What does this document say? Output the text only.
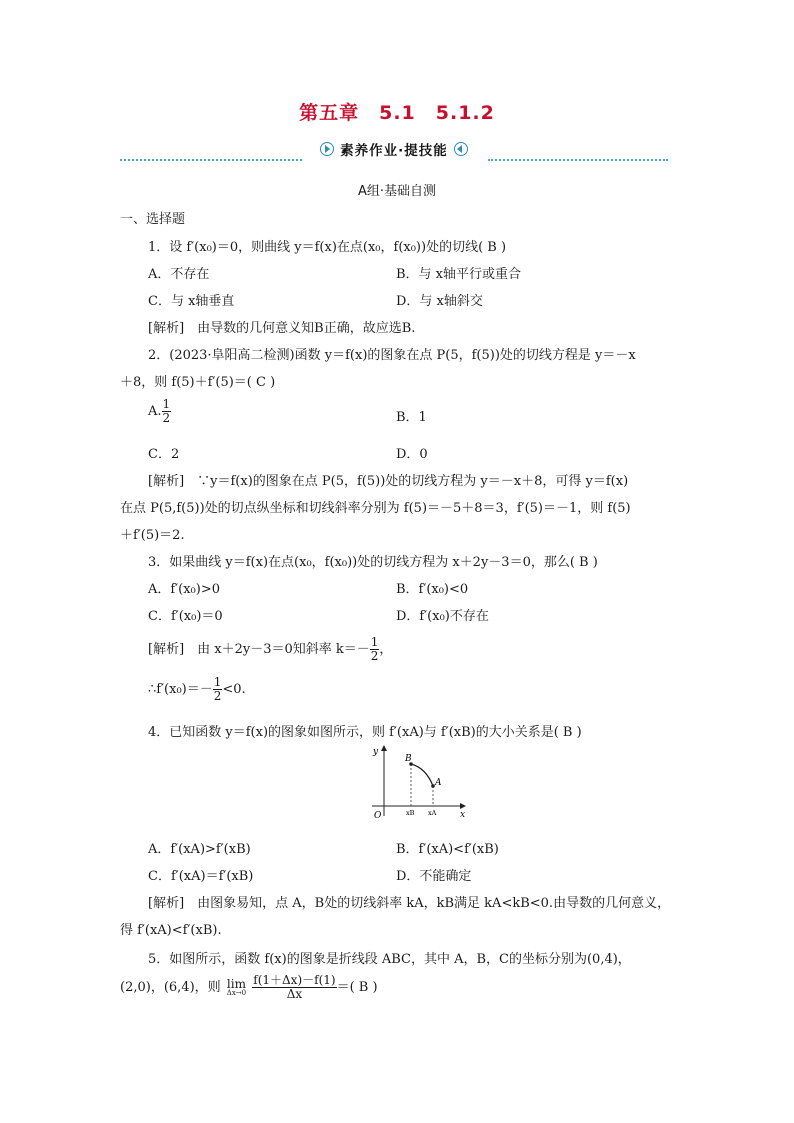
第五章　5.1　5.1.2
素养作业·提技能
A组·基础自测
一、选择题
1．设 f′(x₀)＝0，则曲线 y＝f(x)在点(x₀，f(x₀))处的切线( B )
A．不存在	B．与 x轴平行或重合
C．与 x轴垂直	D．与 x轴斜交
[解析]　由导数的几何意义知B正确，故应选B.
2．(2023·阜阳高二检测)函数 y＝f(x)的图象在点 P(5，f(5))处的切线方程是 y＝－x
＋8，则 f(5)＋f′(5)＝( C )
A. $\frac{1}{2}$	B．1
C．2	D．0
[解析]　∵y＝f(x)的图象在点 P(5，f(5))处的切线方程为 y＝－x＋8，可得 y＝f(x)
在点 P(5,f(5))处的切点纵坐标和切线斜率分别为 f(5)＝－5＋8＝3，f′(5)＝－1，则 f(5)
＋f′(5)＝2.
3．如果曲线 y＝f(x)在点(x₀，f(x₀))处的切线方程为 x＋2y－3＝0，那么( B )
A．f′(x₀)>0	B．f′(x₀)<0
C．f′(x₀)＝0	D．f′(x₀)不存在
[解析]　由 x＋2y－3＝0知斜率 $k=- \frac{1}{2}$ ，
∴f′(x₀)＝－ $\frac{1}{2} <0$.
4．已知函数 y＝f(x)的图象如图所示，则 f′(xA)与 f′(xB)的大小关系是( B )
y
x
O
B
A
xB xA
A．f′(xA)>f′(xB)	B．f′(xA)<f′(xB)
C．f′(xA)＝f′(xB)	D．不能确定
[解析]　由图象易知，点 A，B处的切线斜率 kA，kB满足 kA<kB<0.由导数的几何意义，
得 f′(xA)<f′(xB).
5．如图所示，函数 f(x)的图象是折线段 ABC，其中 A，B，C的坐标分别为(0,4)，
(2,0)，(6,4)，则 lim
Δx→0
$\frac{f(1+\Delta x)-f(1)}{\Delta x}$ ＝( B )
